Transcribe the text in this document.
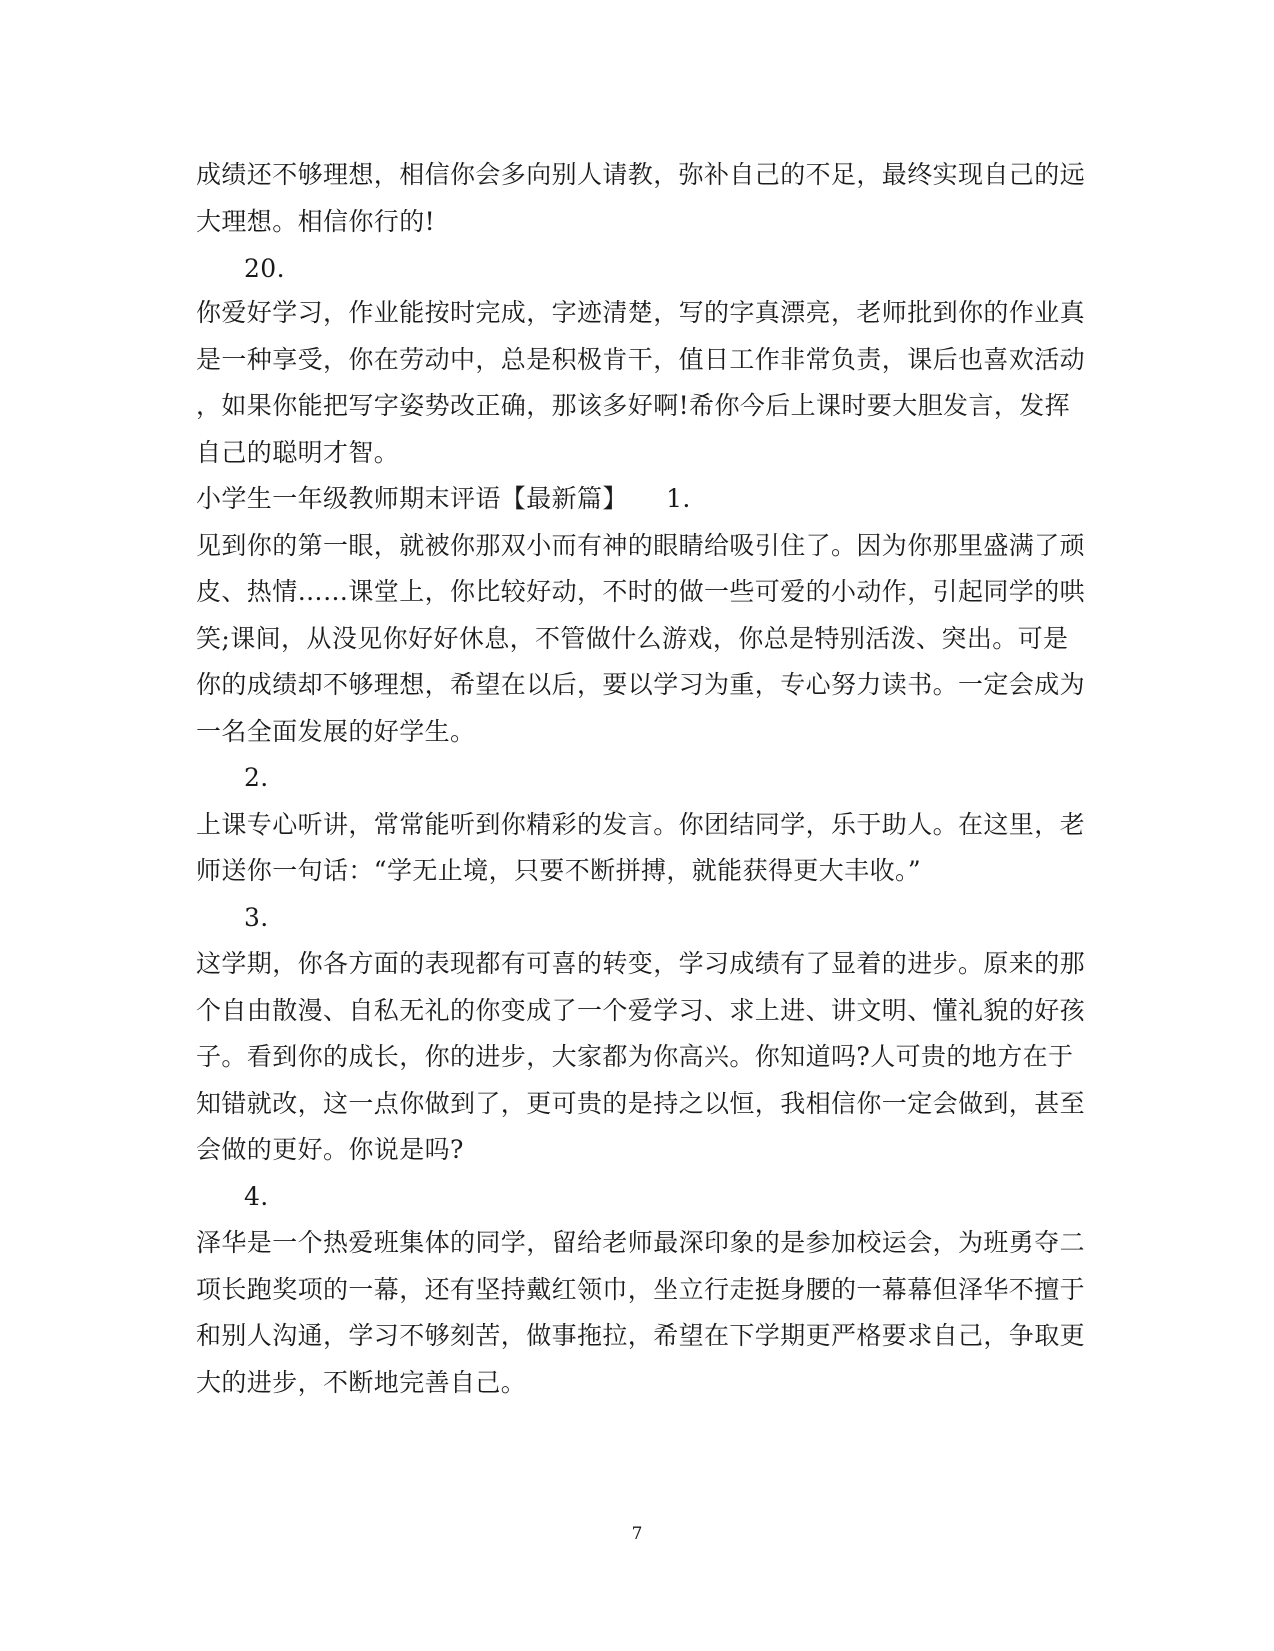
成绩还不够理想，相信你会多向别人请教，弥补自己的不足，最终实现自己的远
大理想。相信你行的!
20.
你爱好学习，作业能按时完成，字迹清楚，写的字真漂亮，老师批到你的作业真
是一种享受，你在劳动中，总是积极肯干，值日工作非常负责，课后也喜欢活动
，如果你能把写字姿势改正确，那该多好啊!希你今后上课时要大胆发言，发挥
自己的聪明才智。
小学生一年级教师期末评语【最新篇】　　1.
见到你的第一眼，就被你那双小而有神的眼睛给吸引住了。因为你那里盛满了顽
皮、热情……课堂上，你比较好动，不时的做一些可爱的小动作，引起同学的哄
笑;课间，从没见你好好休息，不管做什么游戏，你总是特别活泼、突出。可是
你的成绩却不够理想，希望在以后，要以学习为重，专心努力读书。一定会成为
一名全面发展的好学生。
2.
上课专心听讲，常常能听到你精彩的发言。你团结同学，乐于助人。在这里，老
师送你一句话：“学无止境，只要不断拼搏，就能获得更大丰收。”
3.
这学期，你各方面的表现都有可喜的转变，学习成绩有了显着的进步。原来的那
个自由散漫、自私无礼的你变成了一个爱学习、求上进、讲文明、懂礼貌的好孩
子。看到你的成长，你的进步，大家都为你高兴。你知道吗?人可贵的地方在于
知错就改，这一点你做到了，更可贵的是持之以恒，我相信你一定会做到，甚至
会做的更好。你说是吗?
4.
泽华是一个热爱班集体的同学，留给老师最深印象的是参加校运会，为班勇夺二
项长跑奖项的一幕，还有坚持戴红领巾，坐立行走挺身腰的一幕幕但泽华不擅于
和别人沟通，学习不够刻苦，做事拖拉，希望在下学期更严格要求自己，争取更
大的进步，不断地完善自己。
7
